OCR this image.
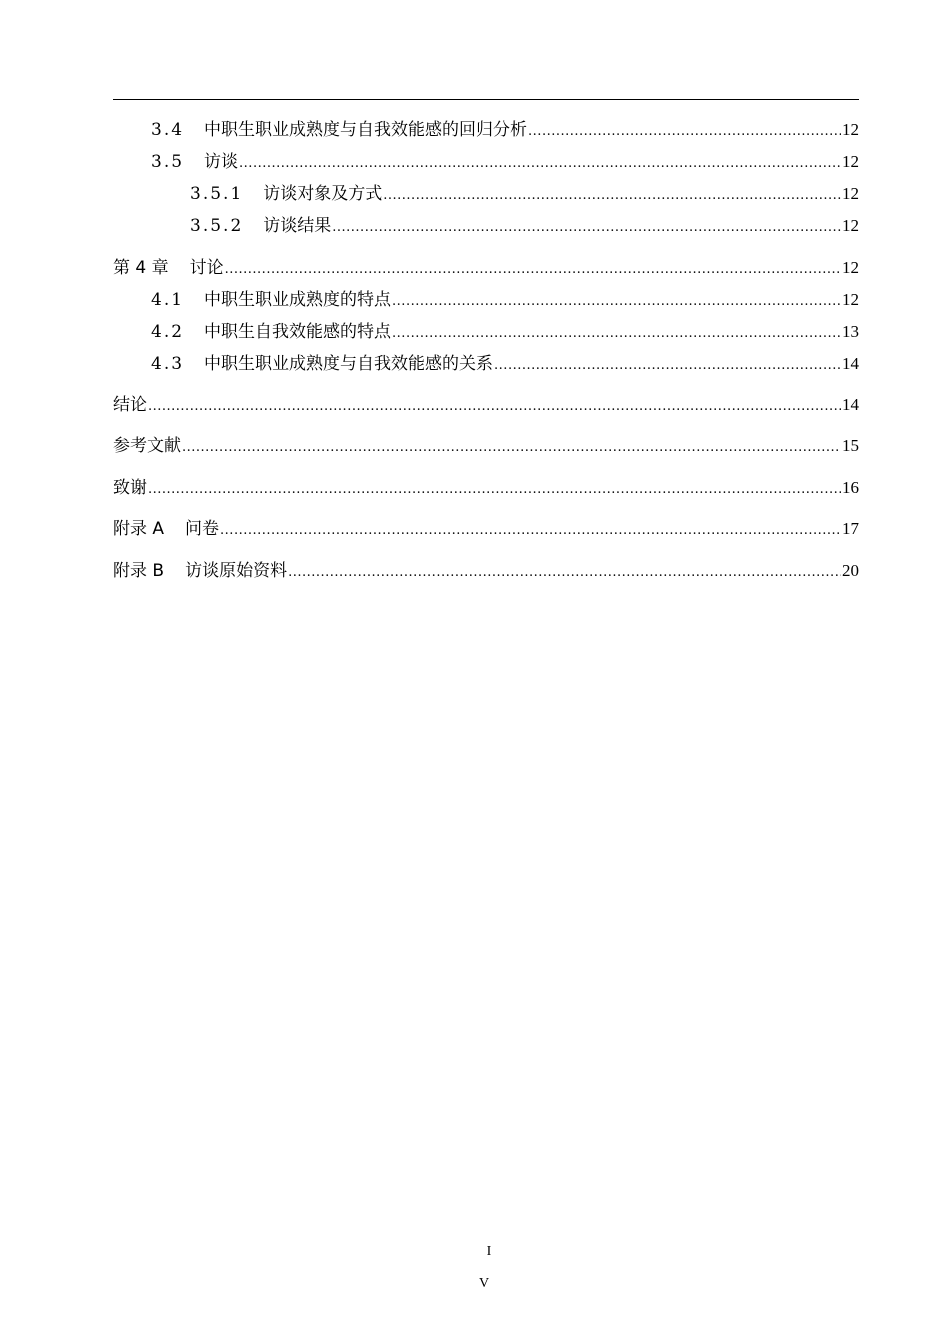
3.4 中职生职业成熟度与自我效能感的回归分析 .....	12
3.5 访谈 .....	12
3.5.1 访谈对象及方式 .....	12
3.5.2 访谈结果 .....	12
第 4 章 讨论 .....	12
4.1 中职生职业成熟度的特点 .....	12
4.2 中职生自我效能感的特点 .....	13
4.3 中职生职业成熟度与自我效能感的关系 .....	14
结论 .....	14
参考文献 .....	15
致谢 .....	16
附录 A 问卷 .....	17
附录 B 访谈原始资料 .....	20
I
V
